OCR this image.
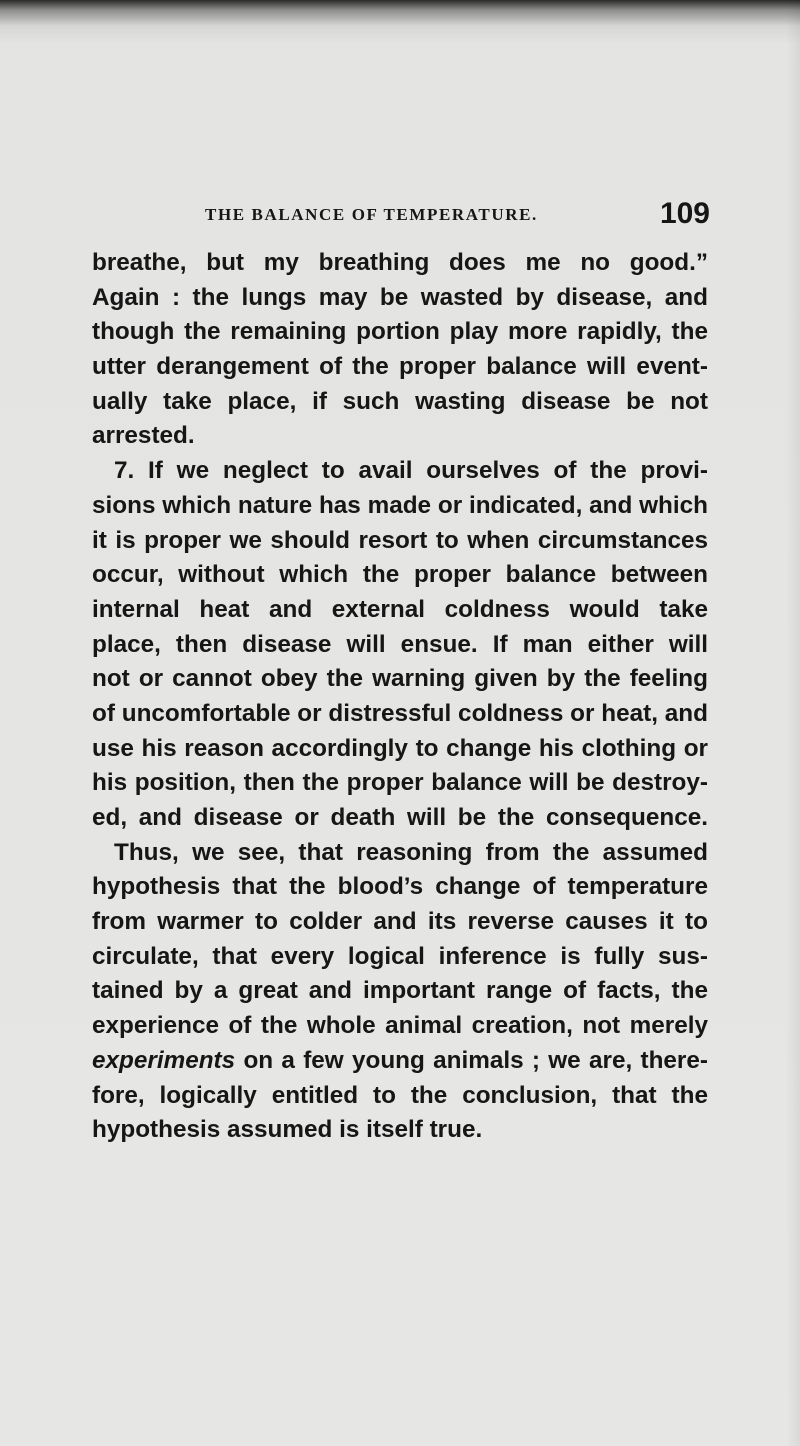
THE BALANCE OF TEMPERATURE.	109
breathe, but my breathing does me no good.”
Again : the lungs may be wasted by disease, and
though the remaining portion play more rapidly, the
utter derangement of the proper balance will event-
ually take place, if such wasting disease be not
arrested.
7. If we neglect to avail ourselves of the provi-
sions which nature has made or indicated, and which
it is proper we should resort to when circumstances
occur, without which the proper balance between
internal heat and external coldness would take
place, then disease will ensue. If man either will
not or cannot obey the warning given by the feeling
of uncomfortable or distressful coldness or heat, and
use his reason accordingly to change his clothing or
his position, then the proper balance will be destroy-
ed, and disease or death will be the consequence.
Thus, we see, that reasoning from the assumed
hypothesis that the blood’s change of temperature
from warmer to colder and its reverse causes it to
circulate, that every logical inference is fully sus-
tained by a great and important range of facts, the
experience of the whole animal creation, not merely
experiments on a few young animals ; we are, there-
fore, logically entitled to the conclusion, that the
hypothesis assumed is itself true.
